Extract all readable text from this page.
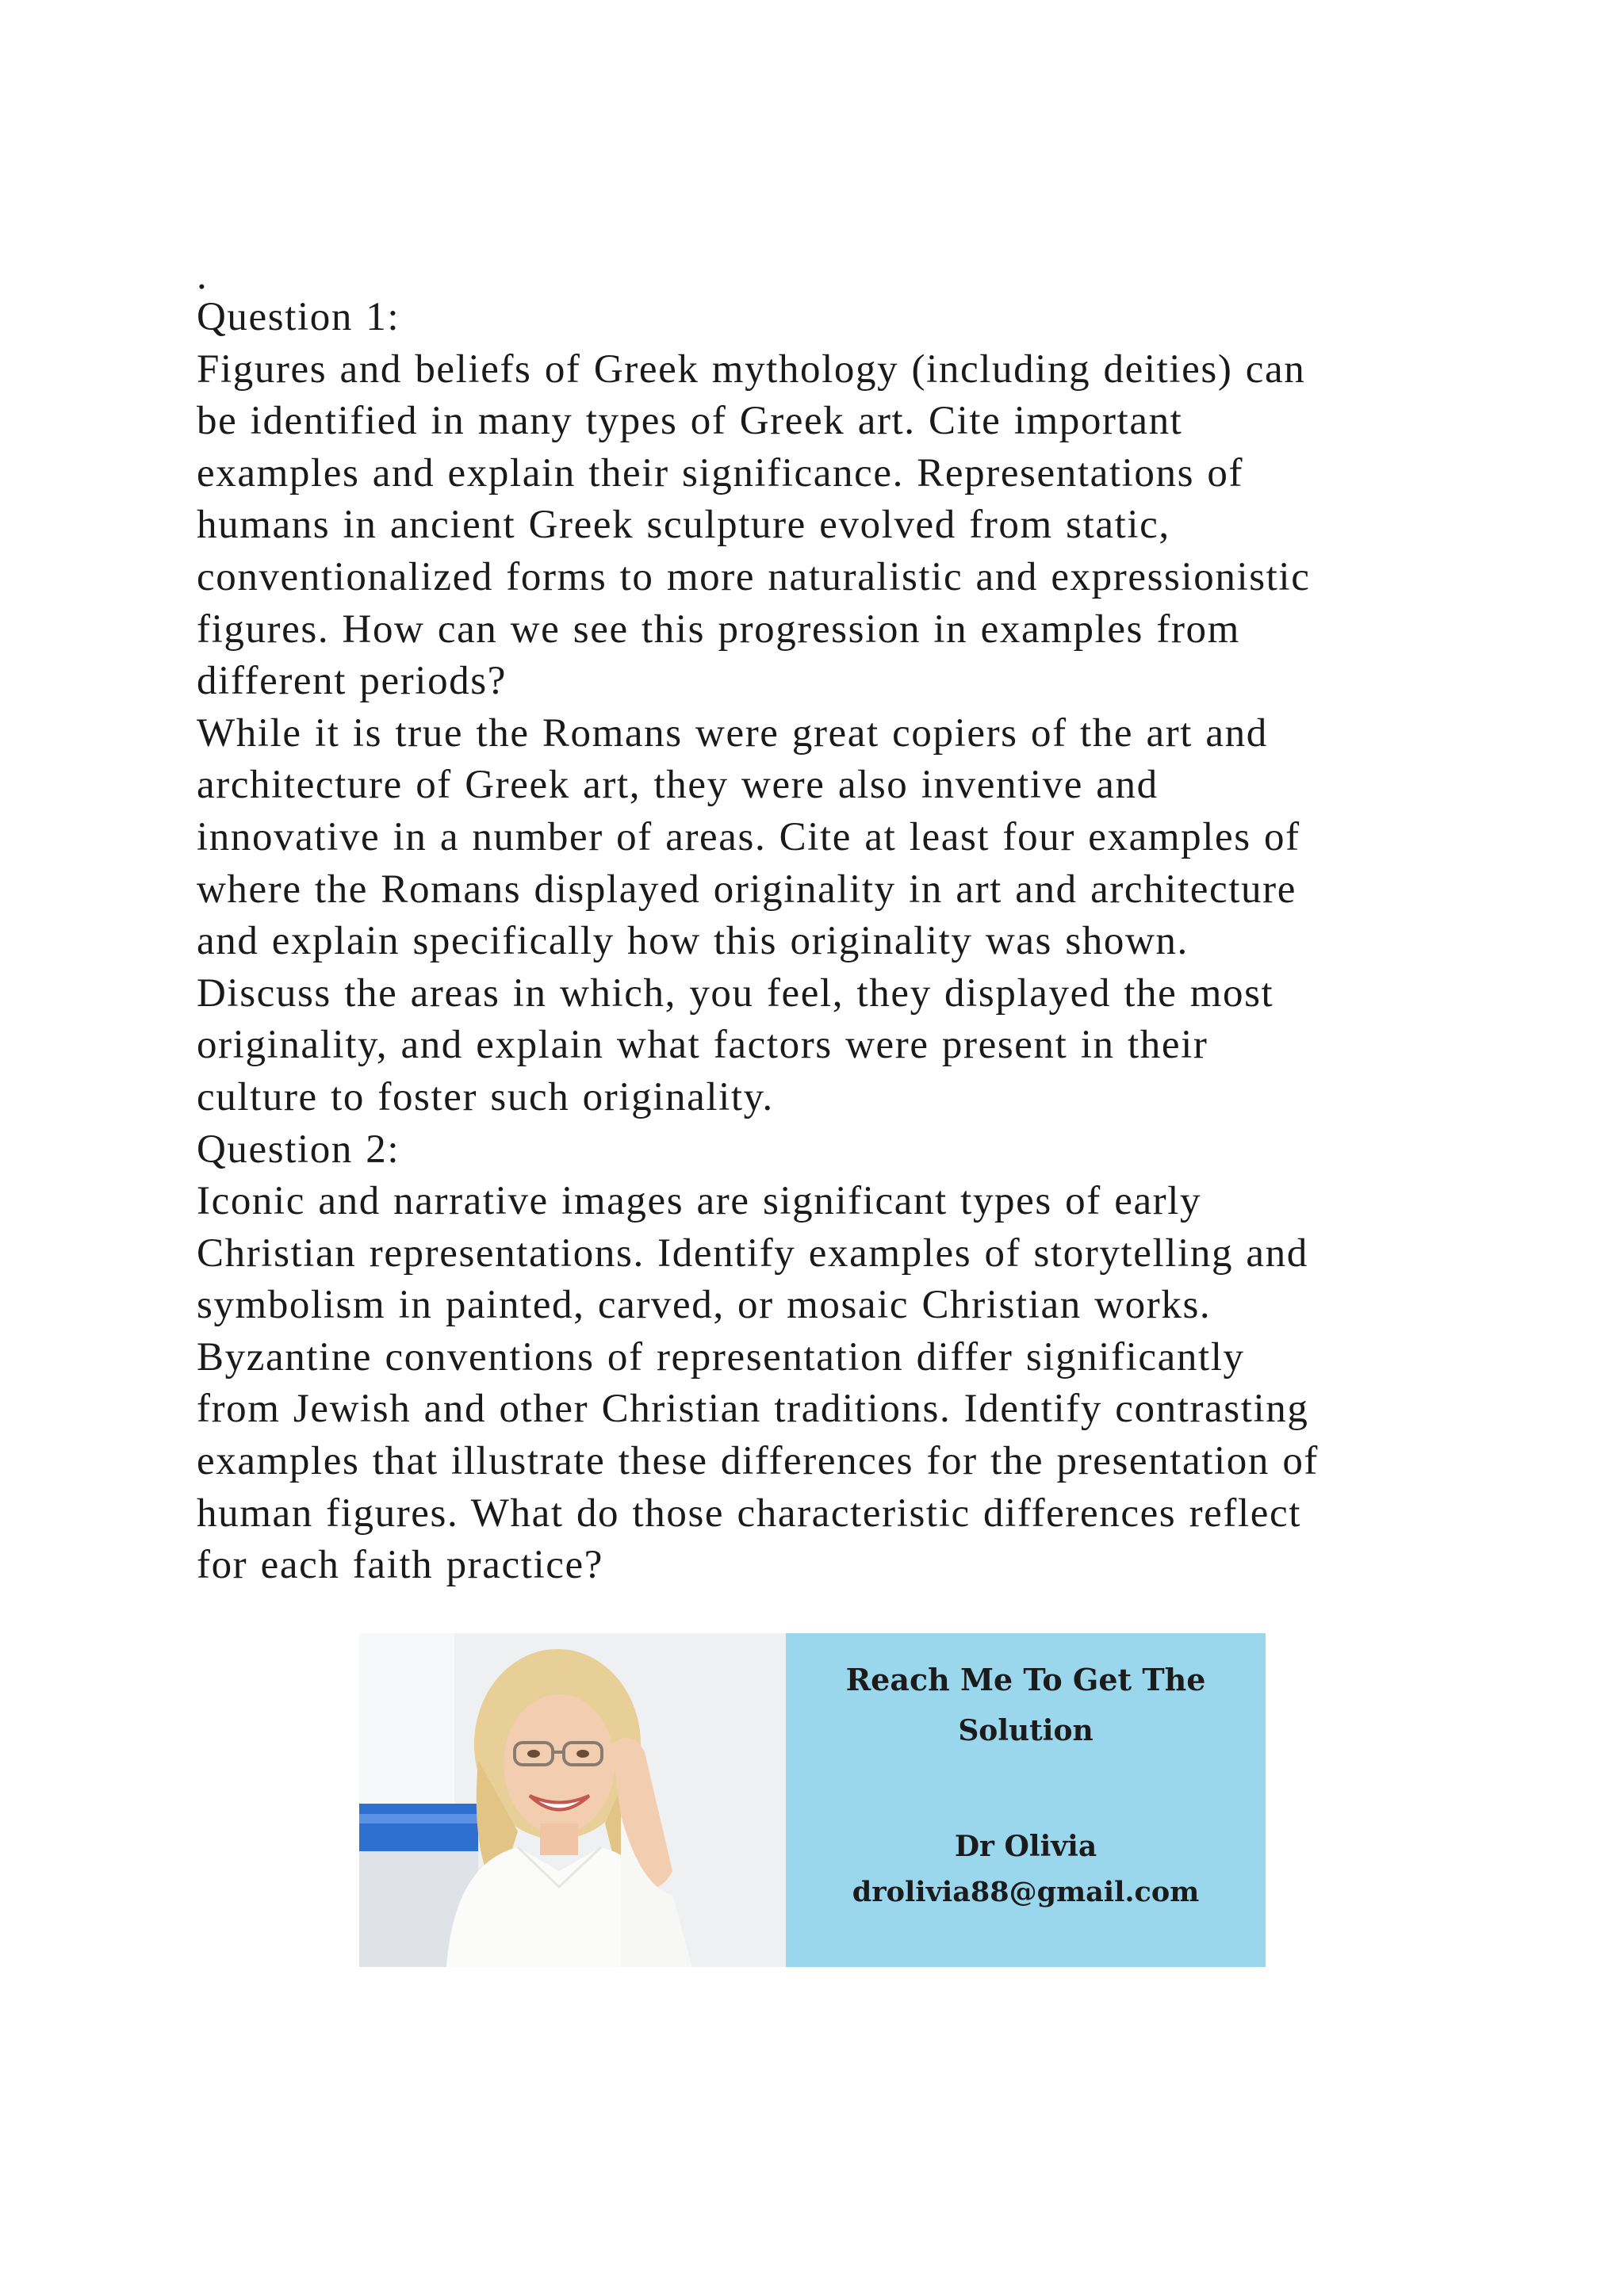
.
Question 1:
Figures and beliefs of Greek mythology (including deities) can
be identified in many types of Greek art. Cite important
examples and explain their significance. Representations of
humans in ancient Greek sculpture evolved from static,
conventionalized forms to more naturalistic and expressionistic
figures. How can we see this progression in examples from
different periods?
While it is true the Romans were great copiers of the art and
architecture of Greek art, they were also inventive and
innovative in a number of areas. Cite at least four examples of
where the Romans displayed originality in art and architecture
and explain specifically how this originality was shown.
Discuss the areas in which, you feel, they displayed the most
originality, and explain what factors were present in their
culture to foster such originality.
Question 2:
Iconic and narrative images are significant types of early
Christian representations. Identify examples of storytelling and
symbolism in painted, carved, or mosaic Christian works.
Byzantine conventions of representation differ significantly
from Jewish and other Christian traditions. Identify contrasting
examples that illustrate these differences for the presentation of
human figures. What do those characteristic differences reflect
for each faith practice?
Reach Me To Get The
Solution
Dr Olivia
drolivia88@gmail.com
